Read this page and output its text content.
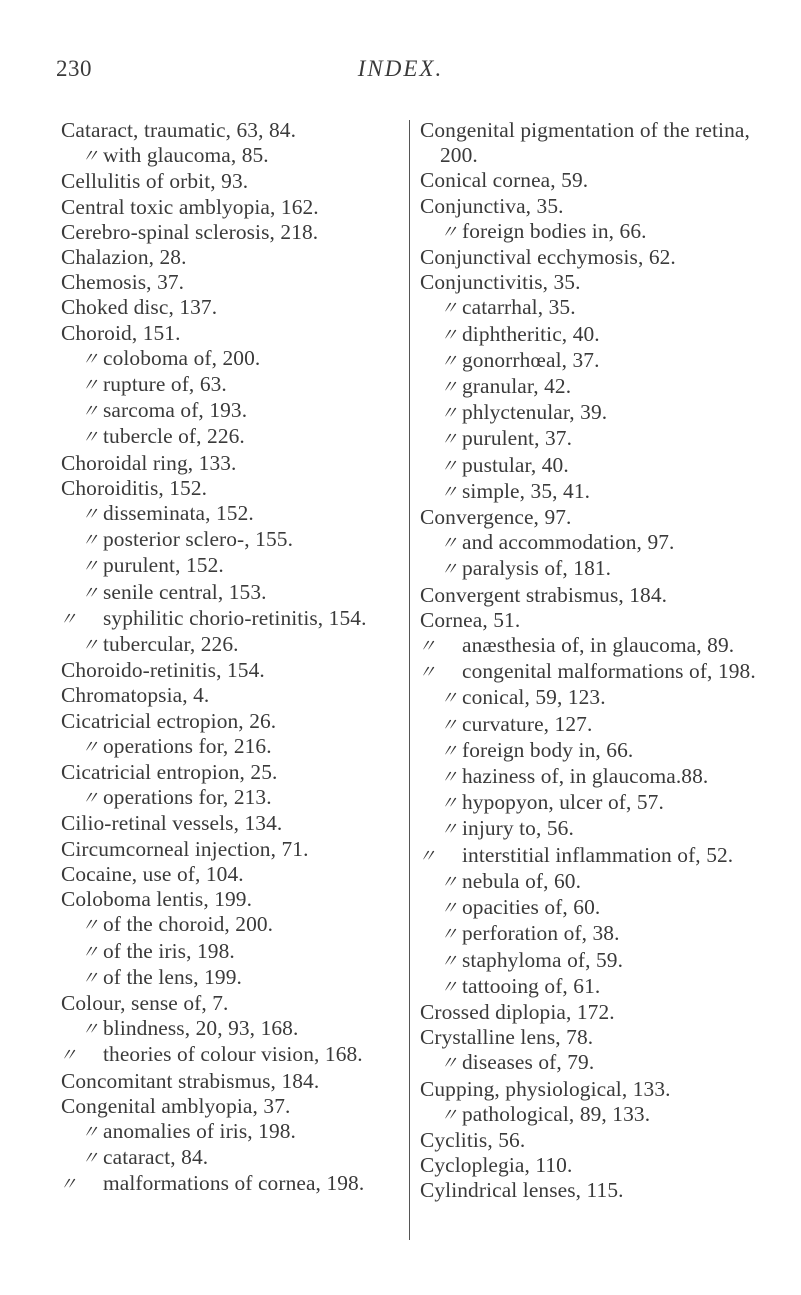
230	INDEX.
Cataract, traumatic, 63, 84.
〃 with glaucoma, 85.
Cellulitis of orbit, 93.
Central toxic amblyopia, 162.
Cerebro-spinal sclerosis, 218.
Chalazion, 28.
Chemosis, 37.
Choked disc, 137.
Choroid, 151.
〃 coloboma of, 200.
〃 rupture of, 63.
〃 sarcoma of, 193.
〃 tubercle of, 226.
Choroidal ring, 133.
Choroiditis, 152.
〃 disseminata, 152.
〃 posterior sclero-, 155.
〃 purulent, 152.
〃 senile central, 153.
〃 syphilitic chorio-retinitis, 154.
〃 tubercular, 226.
Choroido-retinitis, 154.
Chromatopsia, 4.
Cicatricial ectropion, 26.
〃 operations for, 216.
Cicatricial entropion, 25.
〃 operations for, 213.
Cilio-retinal vessels, 134.
Circumcorneal injection, 71.
Cocaine, use of, 104.
Coloboma lentis, 199.
〃 of the choroid, 200.
〃 of the iris, 198.
〃 of the lens, 199.
Colour, sense of, 7.
〃 blindness, 20, 93, 168.
〃 theories of colour vision, 168.
Concomitant strabismus, 184.
Congenital amblyopia, 37.
〃 anomalies of iris, 198.
〃 cataract, 84.
〃 malformations of cornea, 198.
Congenital pigmentation of the retina, 200.
Conical cornea, 59.
Conjunctiva, 35.
〃 foreign bodies in, 66.
Conjunctival ecchymosis, 62.
Conjunctivitis, 35.
〃 catarrhal, 35.
〃 diphtheritic, 40.
〃 gonorrhœal, 37.
〃 granular, 42.
〃 phlyctenular, 39.
〃 purulent, 37.
〃 pustular, 40.
〃 simple, 35, 41.
Convergence, 97.
〃 and accommodation, 97.
〃 paralysis of, 181.
Convergent strabismus, 184.
Cornea, 51.
〃 anæsthesia of, in glaucoma, 89.
〃 congenital malformations of, 198.
〃 conical, 59, 123.
〃 curvature, 127.
〃 foreign body in, 66.
〃 haziness of, in glaucoma.88.
〃 hypopyon, ulcer of, 57.
〃 injury to, 56.
〃 interstitial inflammation of, 52.
〃 nebula of, 60.
〃 opacities of, 60.
〃 perforation of, 38.
〃 staphyloma of, 59.
〃 tattooing of, 61.
Crossed diplopia, 172.
Crystalline lens, 78.
〃 diseases of, 79.
Cupping, physiological, 133.
〃 pathological, 89, 133.
Cyclitis, 56.
Cycloplegia, 110.
Cylindrical lenses, 115.
